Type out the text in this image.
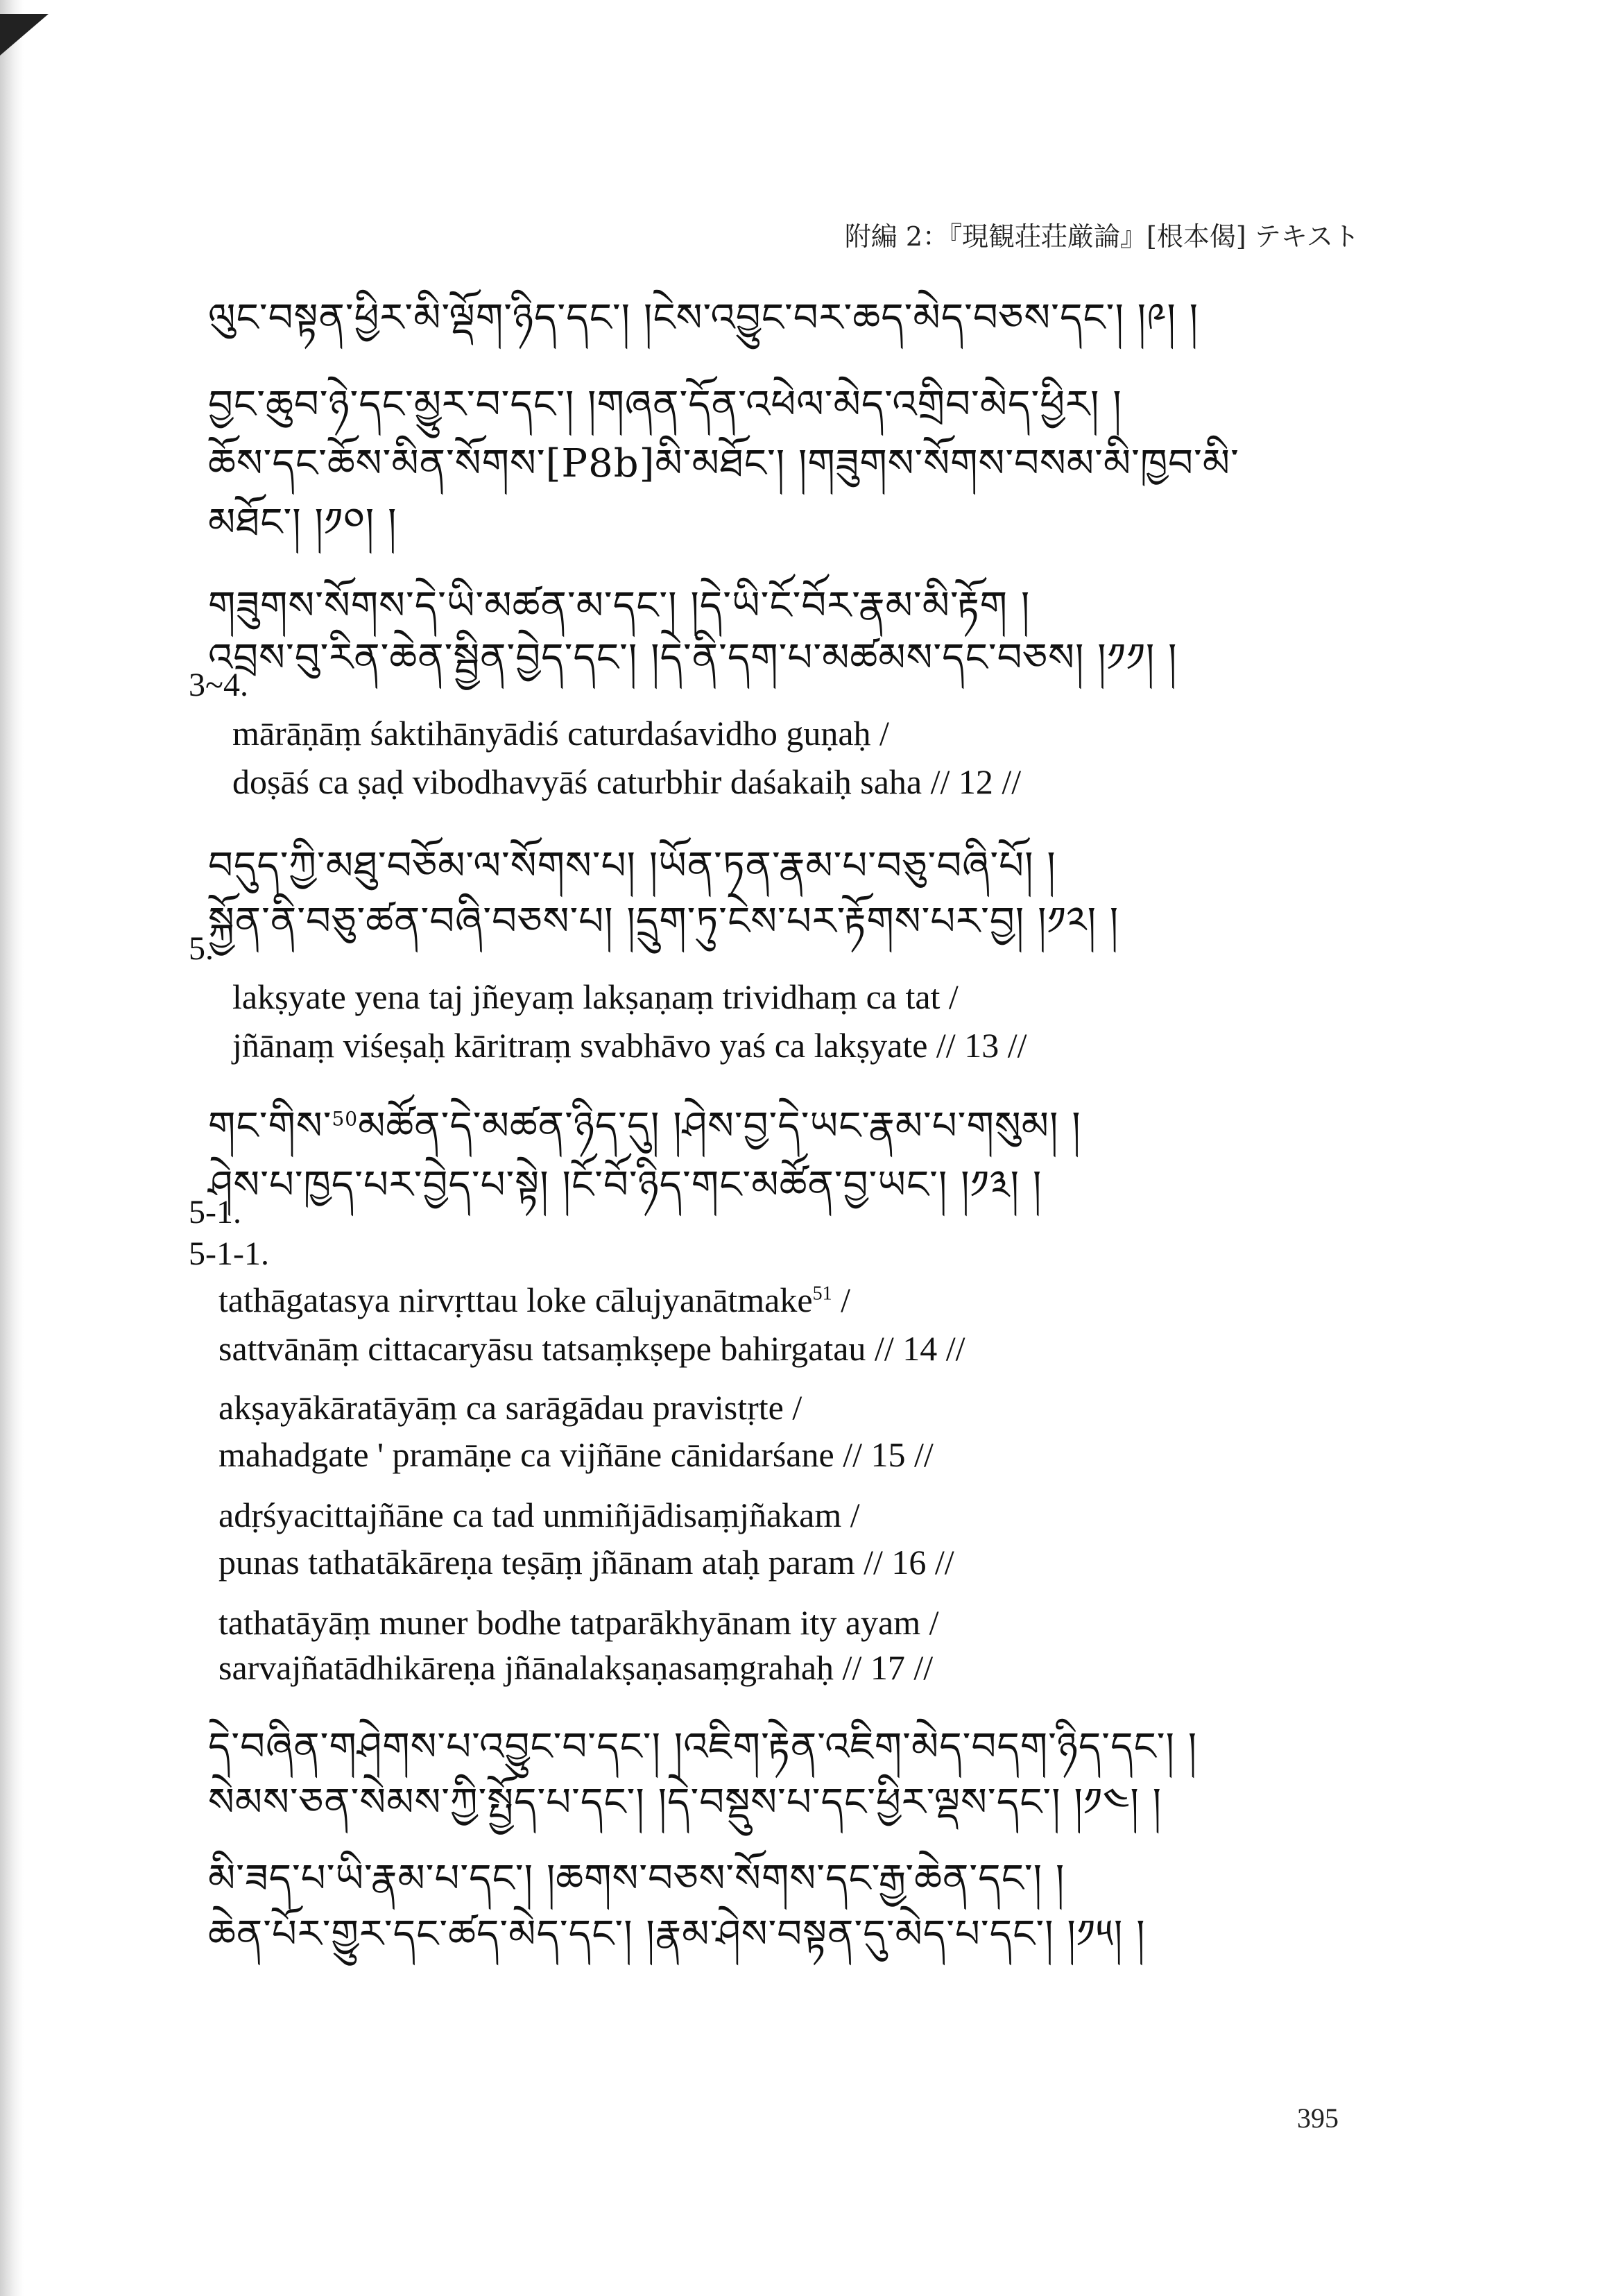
附編 2：『現観荘荘厳論』[根本偈] テキスト
ལུང་བསྟན་ཕྱིར་མི་ལྡོག་ཉིད་དང་། །ངེས་འབྱུང་བར་ཆད་མེད་བཅས་དང་། །༩། །
བྱང་ཆུབ་ཉེ་དང་མྱུར་བ་དང་། །གཞན་དོན་འཕེལ་མེད་འགྲིབ་མེད་ཕྱིར། །
ཆོས་དང་ཆོས་མིན་སོགས་[P8b]མི་མཐོང་། །གཟུགས་སོགས་བསམ་མི་ཁྱབ་མི་
མཐོང་། །༡༠། །
གཟུགས་སོགས་དེ་ཡི་མཚན་མ་དང་། །དེ་ཡི་ངོ་བོར་རྣམ་མི་རྟོག །
འབྲས་བུ་རིན་ཆེན་སྦྱིན་བྱེད་དང་། །དེ་ནི་དག་པ་མཚམས་དང་བཅས། །༡༡། །
3~4.
mārāṇāṃ śaktihānyādiś caturdaśavidho guṇaḥ /
doṣāś ca ṣaḍ vibodhavyāś caturbhir daśakaiḥ saha // 12 //
བདུད་ཀྱི་མཐུ་བཅོམ་ལ་སོགས་པ། །ཡོན་ཏན་རྣམ་པ་བཅུ་བཞི་པོ། །
སྐྱོན་ནི་བཅུ་ཚན་བཞི་བཅས་པ། །དྲུག་ཏུ་ངེས་པར་རྟོགས་པར་བྱ། །༡༢། །
5.
lakṣyate yena taj jñeyaṃ lakṣaṇaṃ trividhaṃ ca tat /
jñānaṃ viśeṣaḥ kāritraṃ svabhāvo yaś ca lakṣyate // 13 //
གང་གིས་$^{50}$མཚོན་དེ་མཚན་ཉིད་དུ། །ཤེས་བྱ་དེ་ཡང་རྣམ་པ་གསུམ། །
ཤེས་པ་ཁྱད་པར་བྱེད་པ་སྟེ། །ངོ་བོ་ཉིད་གང་མཚོན་བྱ་ཡང་། །༡༣། །
5-1.
5-1-1.
tathāgatasya nirvṛttau loke cālujyanātmake$^{51}$ /
sattvānāṃ cittacaryāsu tatsaṃkṣepe bahirgatau // 14 //
akṣayākāratāyāṃ ca sarāgādau pravistṛte /
mahadgate ' pramāṇe ca vijñāne cānidarśane // 15 //
adṛśyacittajñāne ca tad unmiñjādisaṃjñakam /
punas tathatākāreṇa teṣāṃ jñānam ataḥ param // 16 //
tathatāyāṃ muner bodhe tatparākhyānam ity ayam /
sarvajñatādhikāreṇa jñānalakṣaṇasaṃgrahaḥ // 17 //
དེ་བཞིན་གཤེགས་པ་འབྱུང་བ་དང་། །འཇིག་རྟེན་འཇིག་མེད་བདག་ཉིད་དང་། །
སེམས་ཅན་སེམས་ཀྱི་སྤྱོད་པ་དང་། །དེ་བསྡུས་པ་དང་ཕྱིར་ལྡས་དང་། །༡༤། །
མི་ཟད་པ་ཡི་རྣམ་པ་དང་། །ཆགས་བཅས་སོགས་དང་རྒྱ་ཆེན་དང་། །
ཆེན་པོར་གྱུར་དང་ཚད་མེད་དང་། །རྣམ་ཤེས་བསྟན་དུ་མེད་པ་དང་། །༡༥། །
395
